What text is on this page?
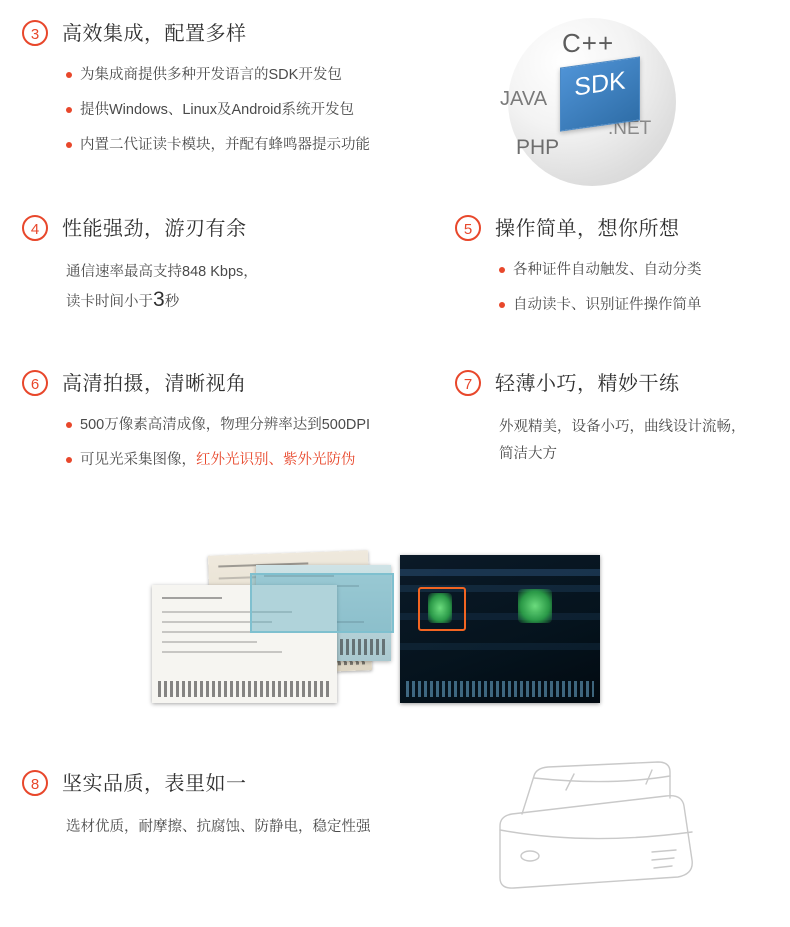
3	高效集成，配置多样
为集成商提供多种开发语言的SDK开发包
提供Windows、Linux及Android系统开发包
内置二代证读卡模块，并配有蜂鸣器提示功能
C++
JAVA
PHP
.NET
SDK
4	性能强劲，游刃有余
通信速率最高支持848 Kbps，
读卡时间小于3秒
5	操作简单，想你所想
各种证件自动触发、自动分类
自动读卡、识别证件操作简单
6	高清拍摄，清晰视角
500万像素高清成像，物理分辨率达到500DPI
可见光采集图像，红外光识别、紫外光防伪
7	轻薄小巧，精妙干练
外观精美，设备小巧，曲线设计流畅，
简洁大方
8	坚实品质，表里如一
选材优质，耐摩擦、抗腐蚀、防静电，稳定性强
